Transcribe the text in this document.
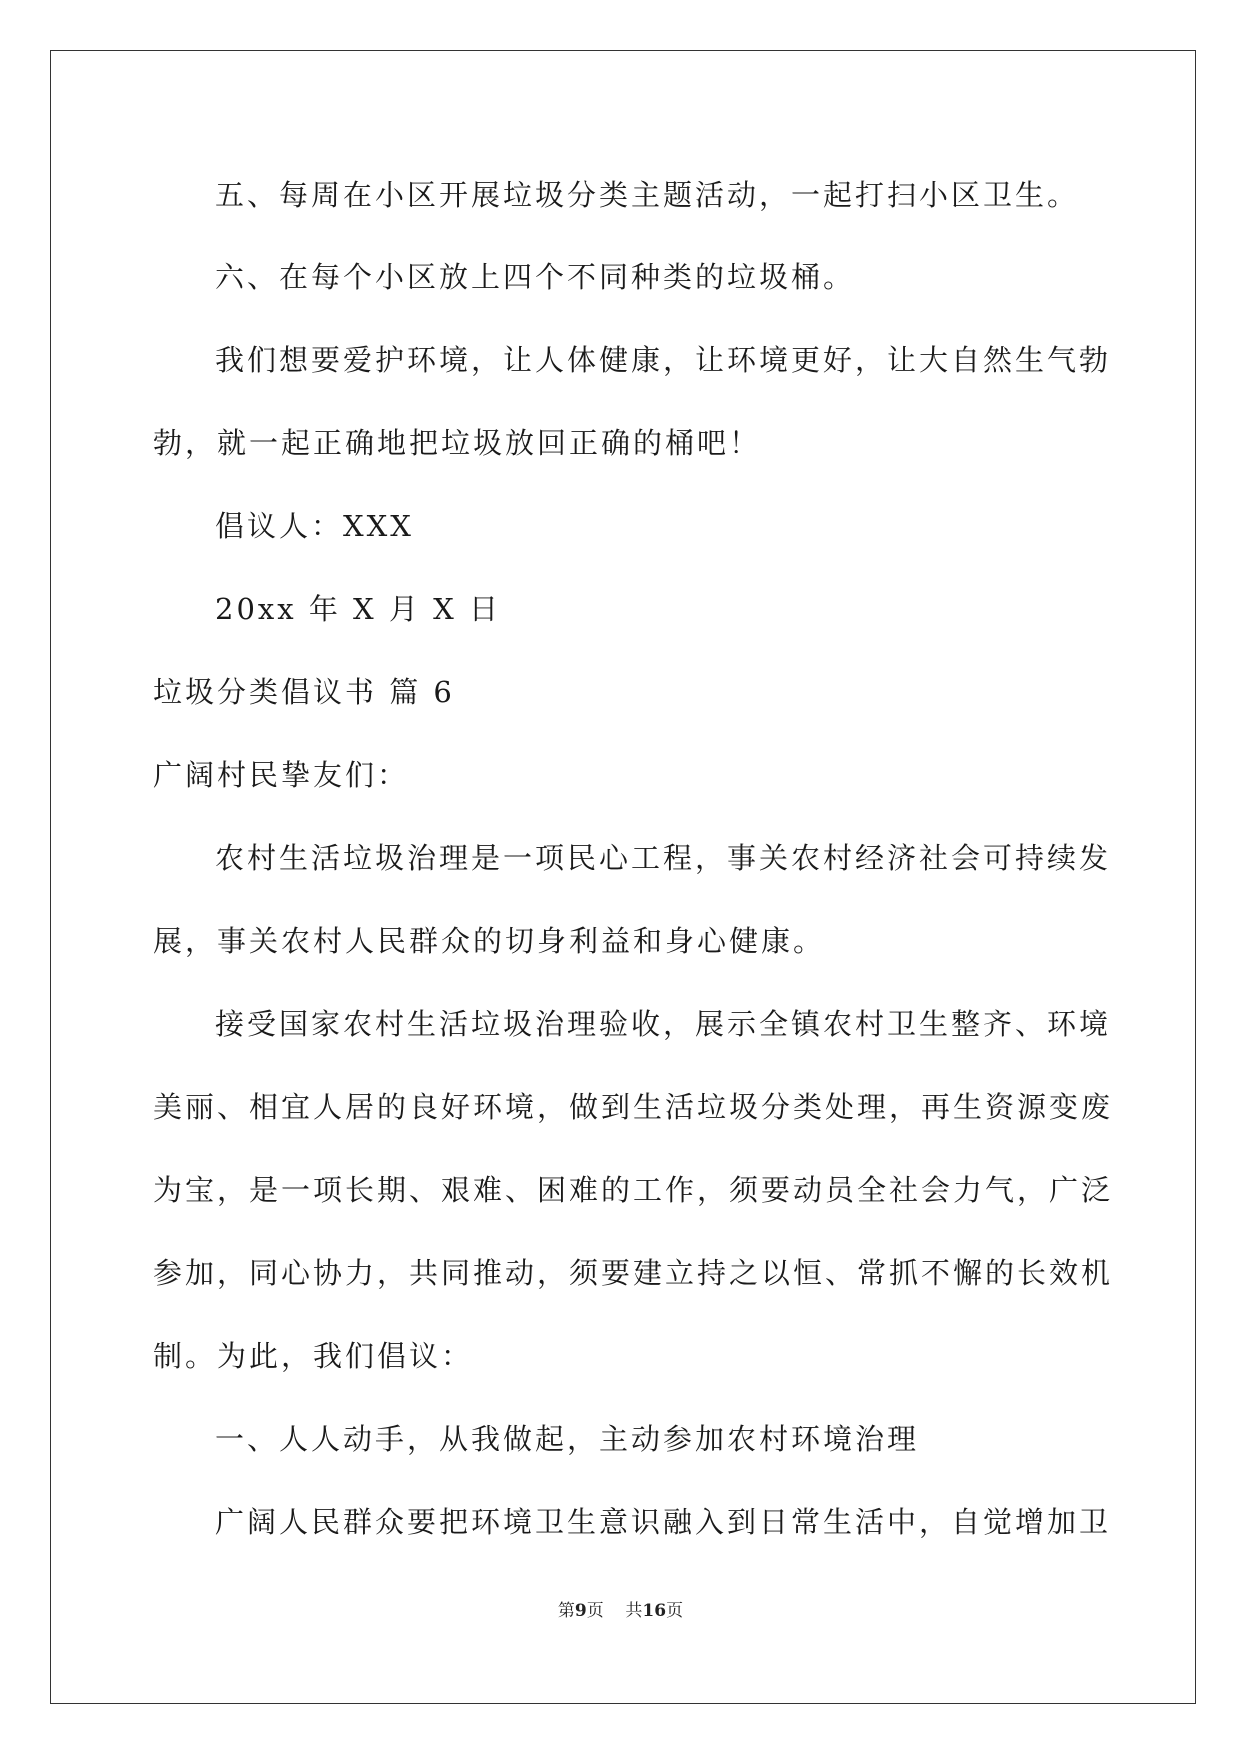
五、每周在小区开展垃圾分类主题活动，一起打扫小区卫生。
六、在每个小区放上四个不同种类的垃圾桶。
我们想要爱护环境，让人体健康，让环境更好，让大自然生气勃
勃，就一起正确地把垃圾放回正确的桶吧！
倡议人：XXX
20xx 年 X 月 X 日
垃圾分类倡议书 篇 6
广阔村民挚友们：
农村生活垃圾治理是一项民心工程，事关农村经济社会可持续发
展，事关农村人民群众的切身利益和身心健康。
接受国家农村生活垃圾治理验收，展示全镇农村卫生整齐、环境
美丽、相宜人居的良好环境，做到生活垃圾分类处理，再生资源变废
为宝，是一项长期、艰难、困难的工作，须要动员全社会力气，广泛
参加，同心协力，共同推动，须要建立持之以恒、常抓不懈的长效机
制。为此，我们倡议：
一、人人动手，从我做起，主动参加农村环境治理
广阔人民群众要把环境卫生意识融入到日常生活中，自觉增加卫
第9页 共16页
